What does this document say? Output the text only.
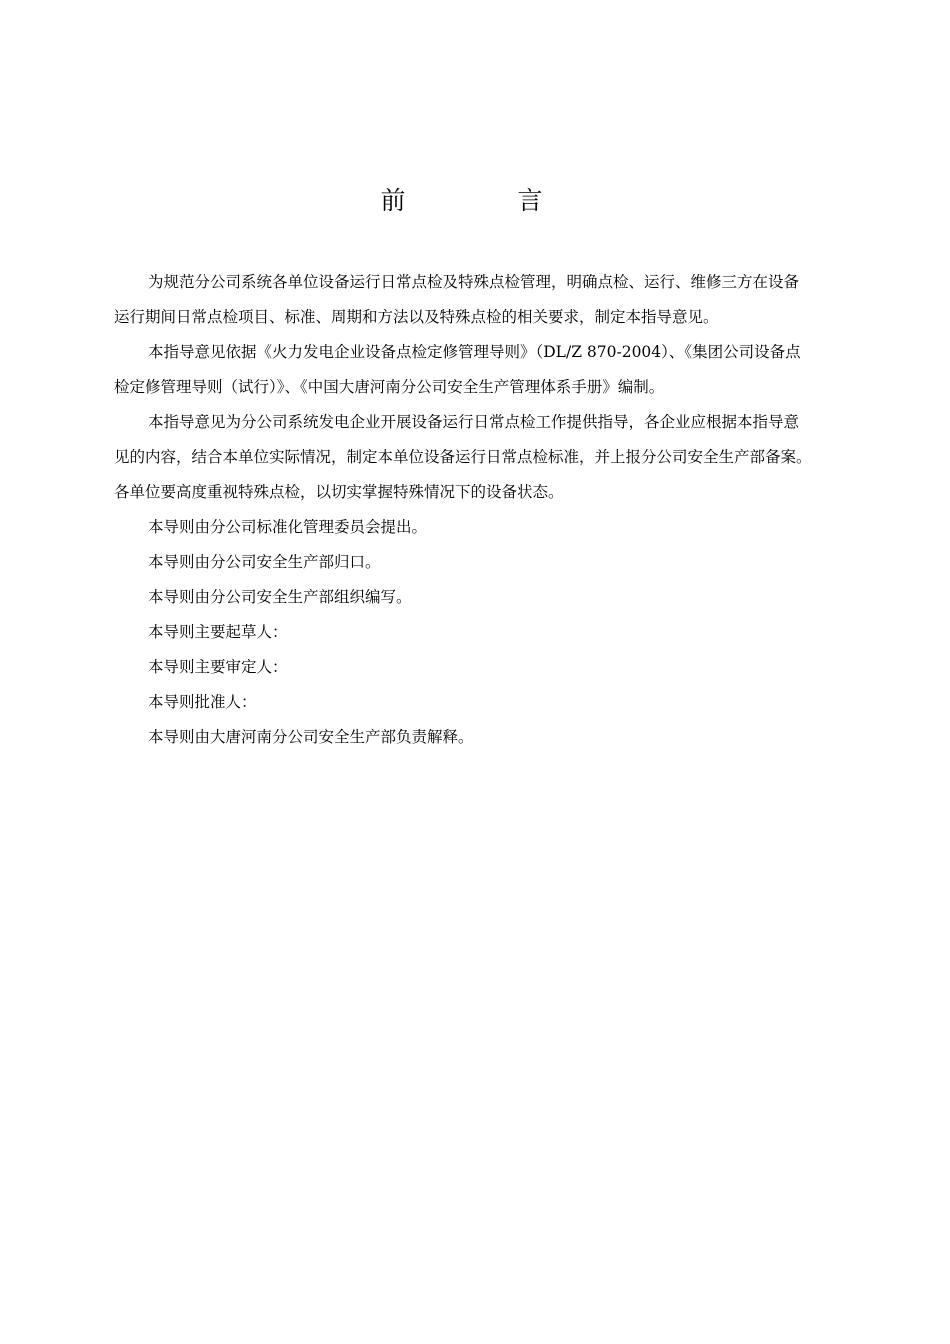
前 言
为规范分公司系统各单位设备运行日常点检及特殊点检管理，明确点检、运行、维修三方在设备
运行期间日常点检项目、标准、周期和方法以及特殊点检的相关要求，制定本指导意见。
本指导意见依据《火力发电企业设备点检定修管理导则》（DL/Z 870-2004）、《集团公司设备点
检定修管理导则（试行）》、《中国大唐河南分公司安全生产管理体系手册》编制。
本指导意见为分公司系统发电企业开展设备运行日常点检工作提供指导，各企业应根据本指导意
见的内容，结合本单位实际情况，制定本单位设备运行日常点检标准，并上报分公司安全生产部备案。
各单位要高度重视特殊点检，以切实掌握特殊情况下的设备状态。
本导则由分公司标准化管理委员会提出。
本导则由分公司安全生产部归口。
本导则由分公司安全生产部组织编写。
本导则主要起草人：
本导则主要审定人：
本导则批准人：
本导则由大唐河南分公司安全生产部负责解释。
